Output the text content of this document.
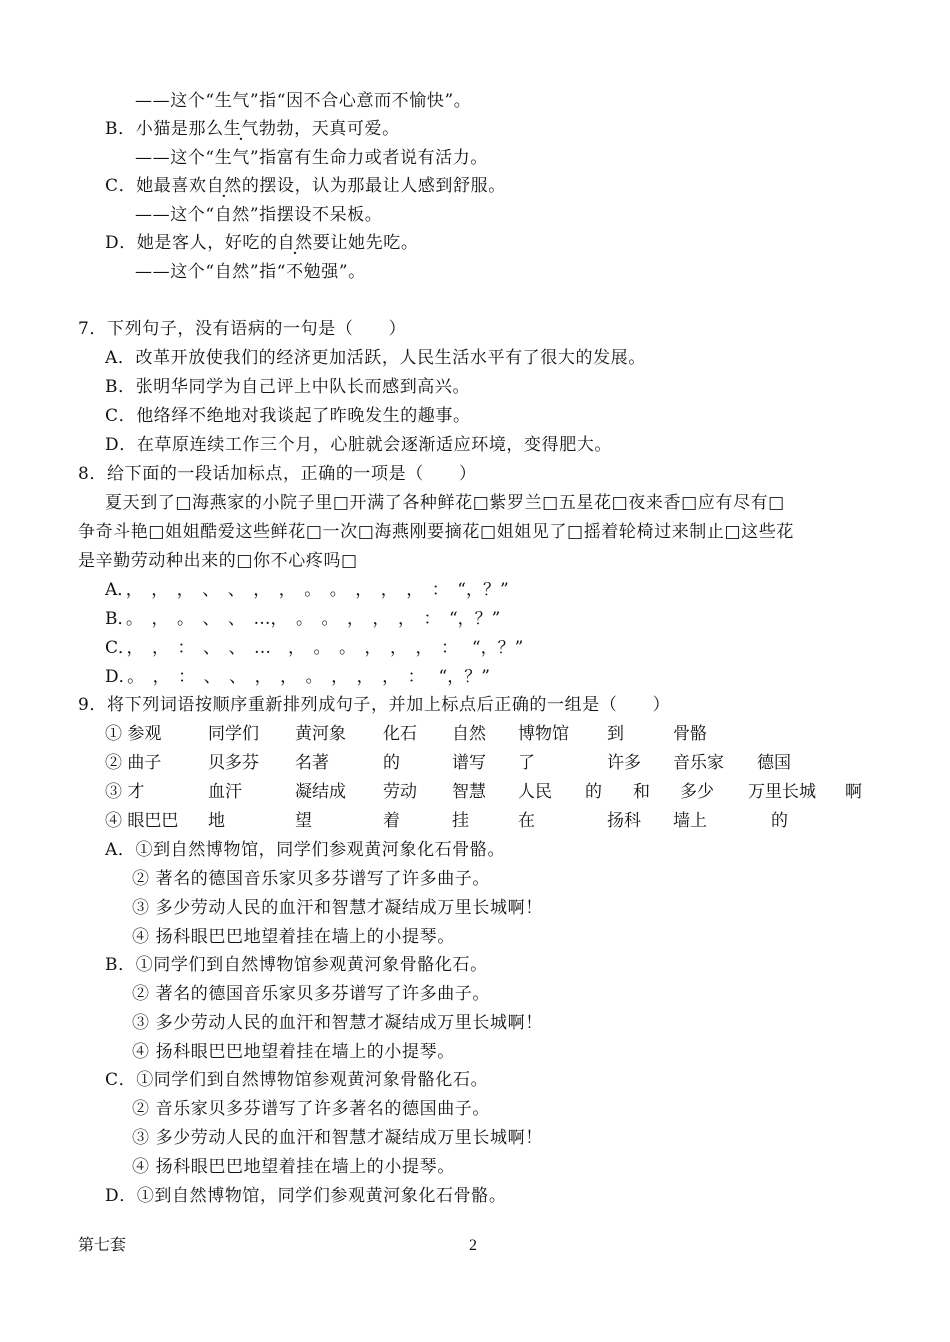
——这个“生气”指“因不合心意而不愉快”。
B．小猫是那么生气勃勃，天真可爱。
——这个“生气”指富有生命力或者说有活力。
C．她最喜欢自然的摆设，认为那最让人感到舒服。
——这个“自然”指摆设不呆板。
D．她是客人，好吃的自然要让她先吃。
——这个“自然”指“不勉强”。
7．下列句子，没有语病的一句是（　　）
A．改革开放使我们的经济更加活跃，人民生活水平有了很大的发展。
B．张明华同学为自己评上中队长而感到高兴。
C．他络绎不绝地对我谈起了昨晚发生的趣事。
D．在草原连续工作三个月，心脏就会逐渐适应环境，变得肥大。
8．给下面的一段话加标点，正确的一项是（　　）
夏天到了□海燕家的小院子里□开满了各种鲜花□紫罗兰□五星花□夜来香□应有尽有□
争奇斗艳□姐姐酷爱这些鲜花□一次□海燕刚要摘花□姐姐见了□摇着轮椅过来制止□这些花
是辛勤劳动种出来的□你不心疼吗□
A．，　，　，　、　、　，　，　。　。　，　，　，　：　“，？”
B．。　，　。　、　、　…，　。　。　，　，　，　：　“，？”
C．，　，　：　、　、　…　，　。　。　，　，　，　：　 “，？”
D．。　，　：　、　、　，　，　。　，　，　，　：　 “，？”
9．将下列词语按顺序重新排列成句子，并加上标点后正确的一组是（　　）
① 参观	同学们 黄河象 化石 自然 博物馆 到	骨骼
② 曲子	贝多芬 名著	的	谱写 了	许多 音乐家 德国
③ 才	血汗	凝结成 劳动 智慧 人民 的 和 多少 万里长城 啊
④ 眼巴巴 地	望	着	挂	在	扬科 墙上	的
A．①到自然博物馆，同学们参观黄河象化石骨骼。
② 著名的德国音乐家贝多芬谱写了许多曲子。
③ 多少劳动人民的血汗和智慧才凝结成万里长城啊！
④ 扬科眼巴巴地望着挂在墙上的小提琴。
B．①同学们到自然博物馆参观黄河象骨骼化石。
② 著名的德国音乐家贝多芬谱写了许多曲子。
③ 多少劳动人民的血汗和智慧才凝结成万里长城啊！
④ 扬科眼巴巴地望着挂在墙上的小提琴。
C．①同学们到自然博物馆参观黄河象骨骼化石。
② 音乐家贝多芬谱写了许多著名的德国曲子。
③ 多少劳动人民的血汗和智慧才凝结成万里长城啊！
④ 扬科眼巴巴地望着挂在墙上的小提琴。
D．①到自然博物馆，同学们参观黄河象化石骨骼。
第七套	2
